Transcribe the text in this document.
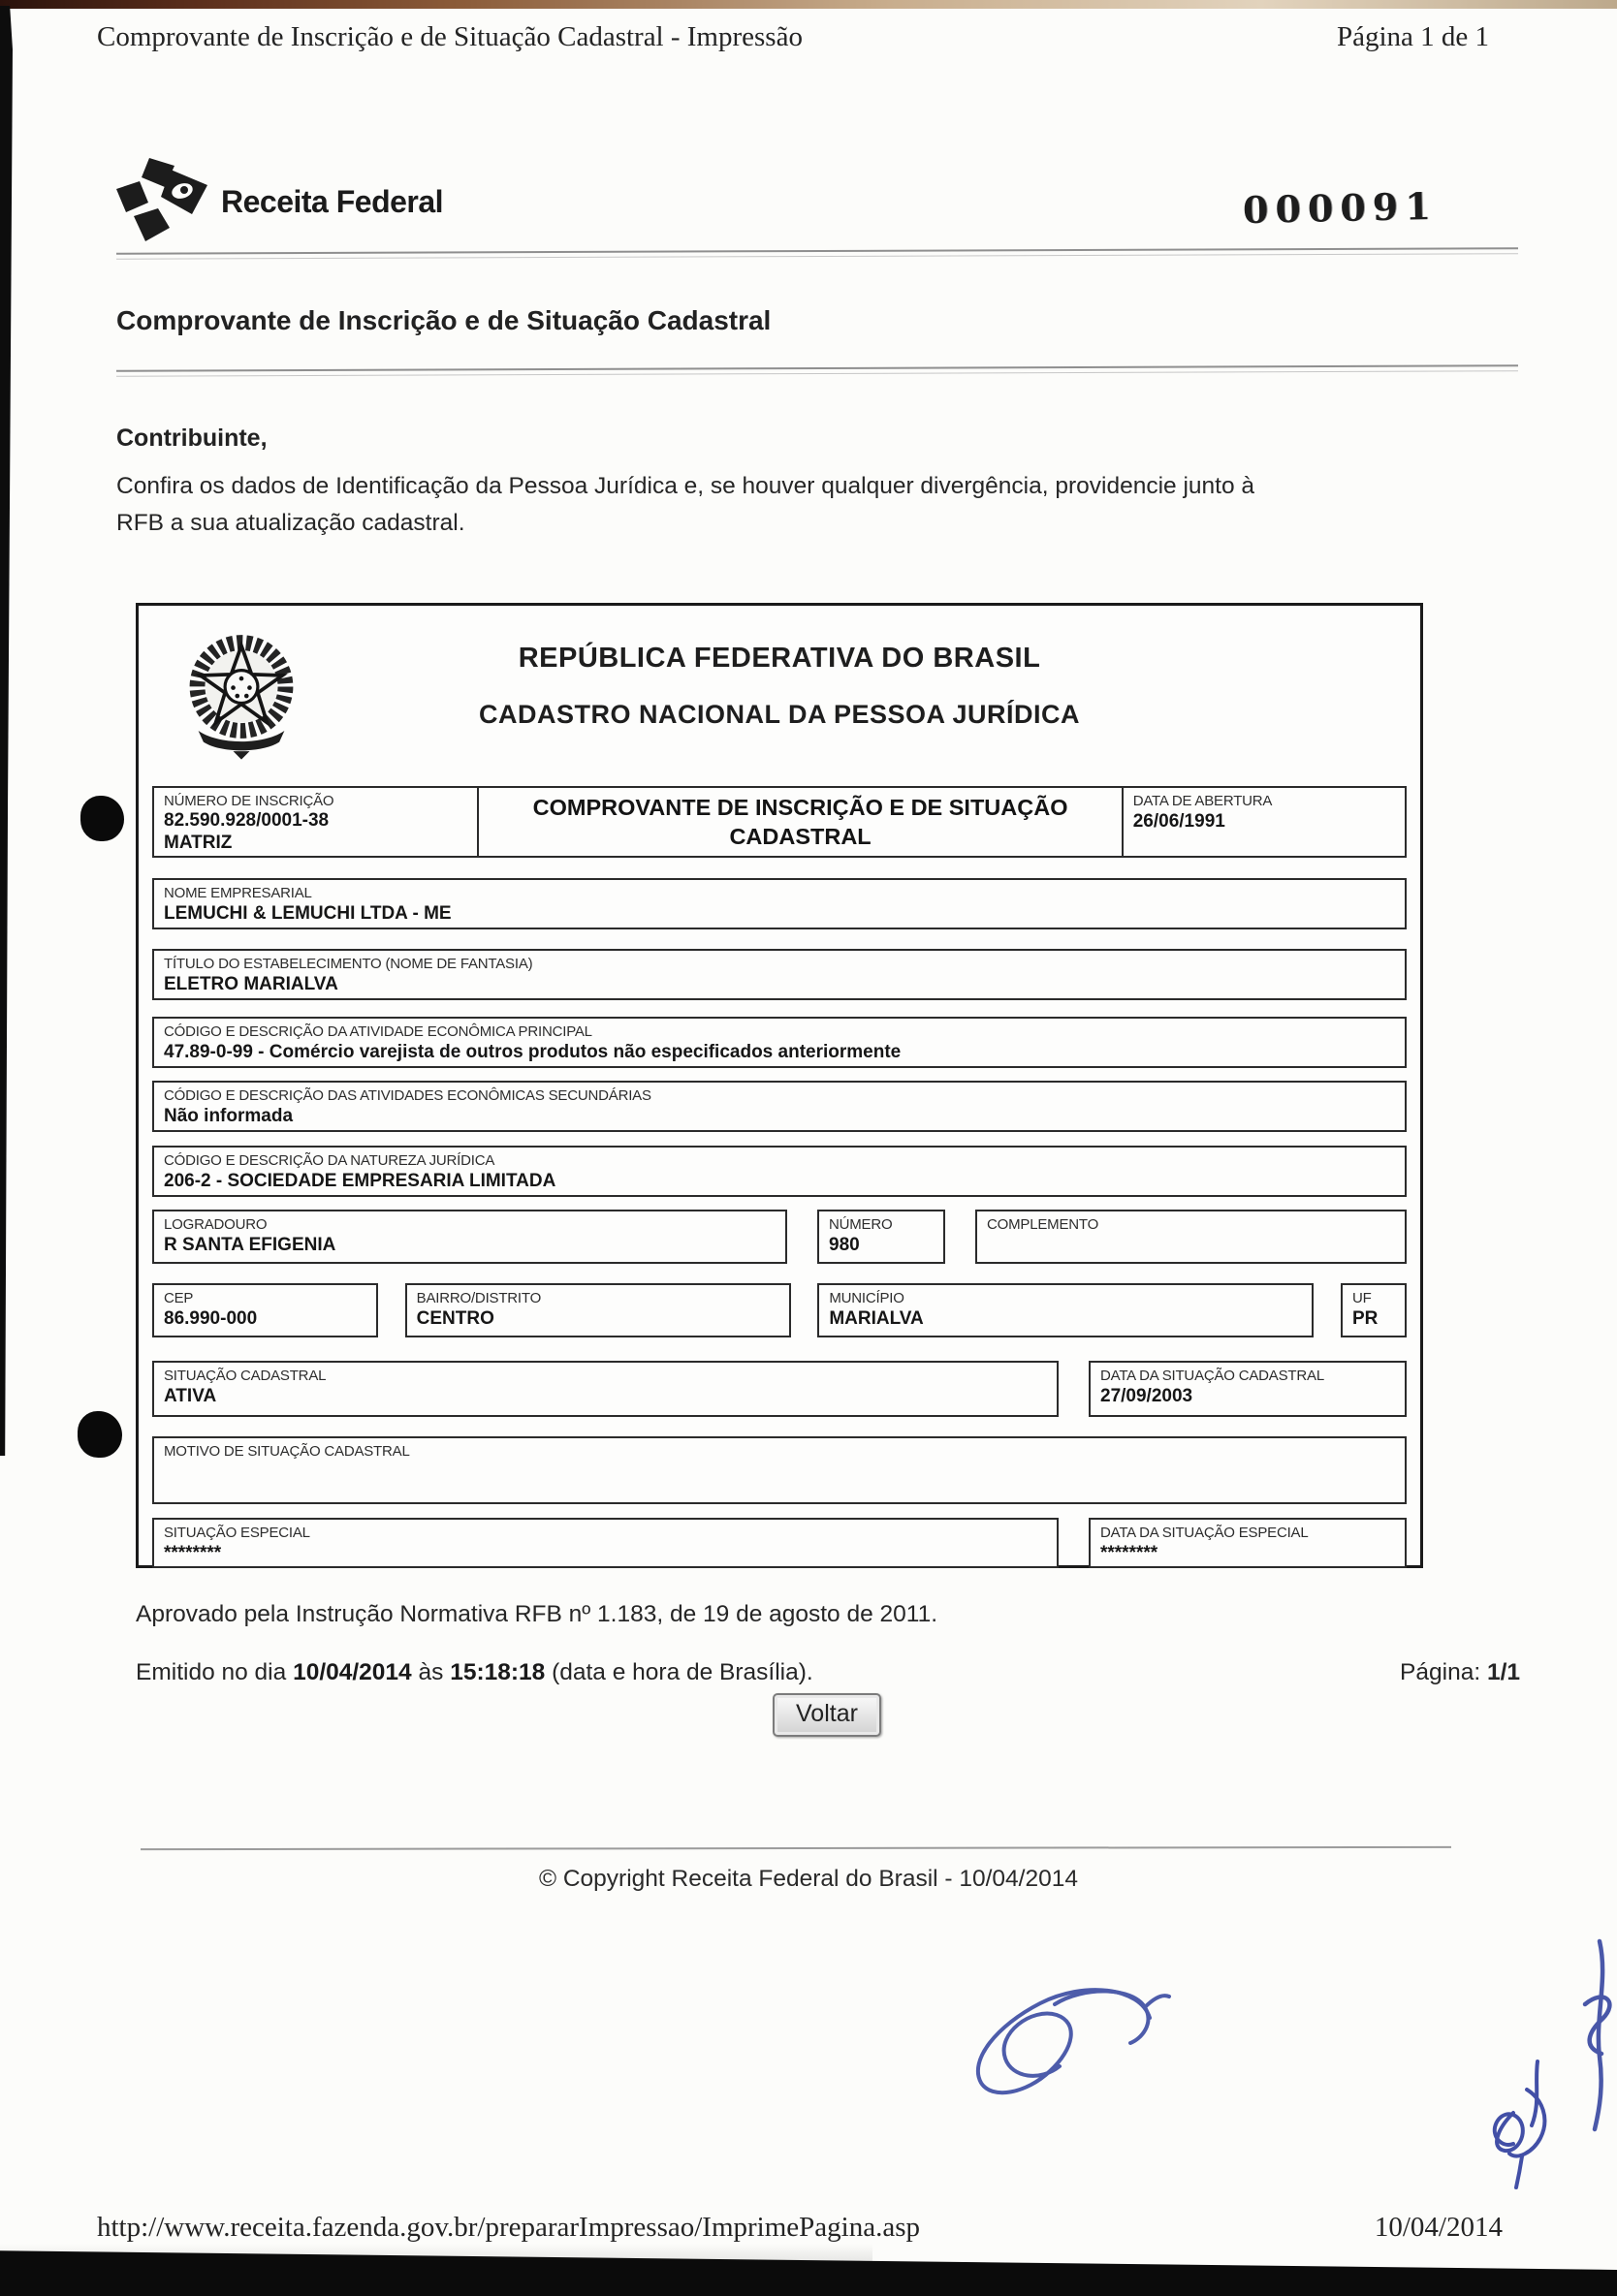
Comprovante de Inscrição e de Situação Cadastral - Impressão	Página 1 de 1
Receita Federal	000091
Comprovante de Inscrição e de Situação Cadastral
Contribuinte,

Confira os dados de Identificação da Pessoa Jurídica e, se houver qualquer divergência, providencie junto à
RFB a sua atualização cadastral.

REPÚBLICA FEDERATIVA DO BRASIL
CADASTRO NACIONAL DA PESSOA JURÍDICA
NÚMERO DE INSCRIÇÃO
82.590.928/0001-38
MATRIZ
COMPROVANTE DE INSCRIÇÃO E DE SITUAÇÃO
CADASTRAL
DATA DE ABERTURA
26/06/1991
NOME EMPRESARIAL
LEMUCHI & LEMUCHI LTDA - ME
TÍTULO DO ESTABELECIMENTO (NOME DE FANTASIA)
ELETRO MARIALVA
CÓDIGO E DESCRIÇÃO DA ATIVIDADE ECONÔMICA PRINCIPAL
47.89-0-99 - Comércio varejista de outros produtos não especificados anteriormente
CÓDIGO E DESCRIÇÃO DAS ATIVIDADES ECONÔMICAS SECUNDÁRIAS
Não informada
CÓDIGO E DESCRIÇÃO DA NATUREZA JURÍDICA
206-2 - SOCIEDADE EMPRESARIA LIMITADA
LOGRADOURO
R SANTA EFIGENIA
NÚMERO
980
COMPLEMENTO
CEP
86.990-000
BAIRRO/DISTRITO
CENTRO
MUNICÍPIO
MARIALVA
UF
PR
SITUAÇÃO CADASTRAL
ATIVA
DATA DA SITUAÇÃO CADASTRAL
27/09/2003
MOTIVO DE SITUAÇÃO CADASTRAL
SITUAÇÃO ESPECIAL
********
DATA DA SITUAÇÃO ESPECIAL
********
Aprovado pela Instrução Normativa RFB nº 1.183, de 19 de agosto de 2011.
Emitido no dia 10/04/2014 às 15:18:18 (data e hora de Brasília).	Página: 1/1
Voltar
© Copyright Receita Federal do Brasil - 10/04/2014
http://www.receita.fazenda.gov.br/prepararImpressao/ImprimePagina.asp	10/04/2014
